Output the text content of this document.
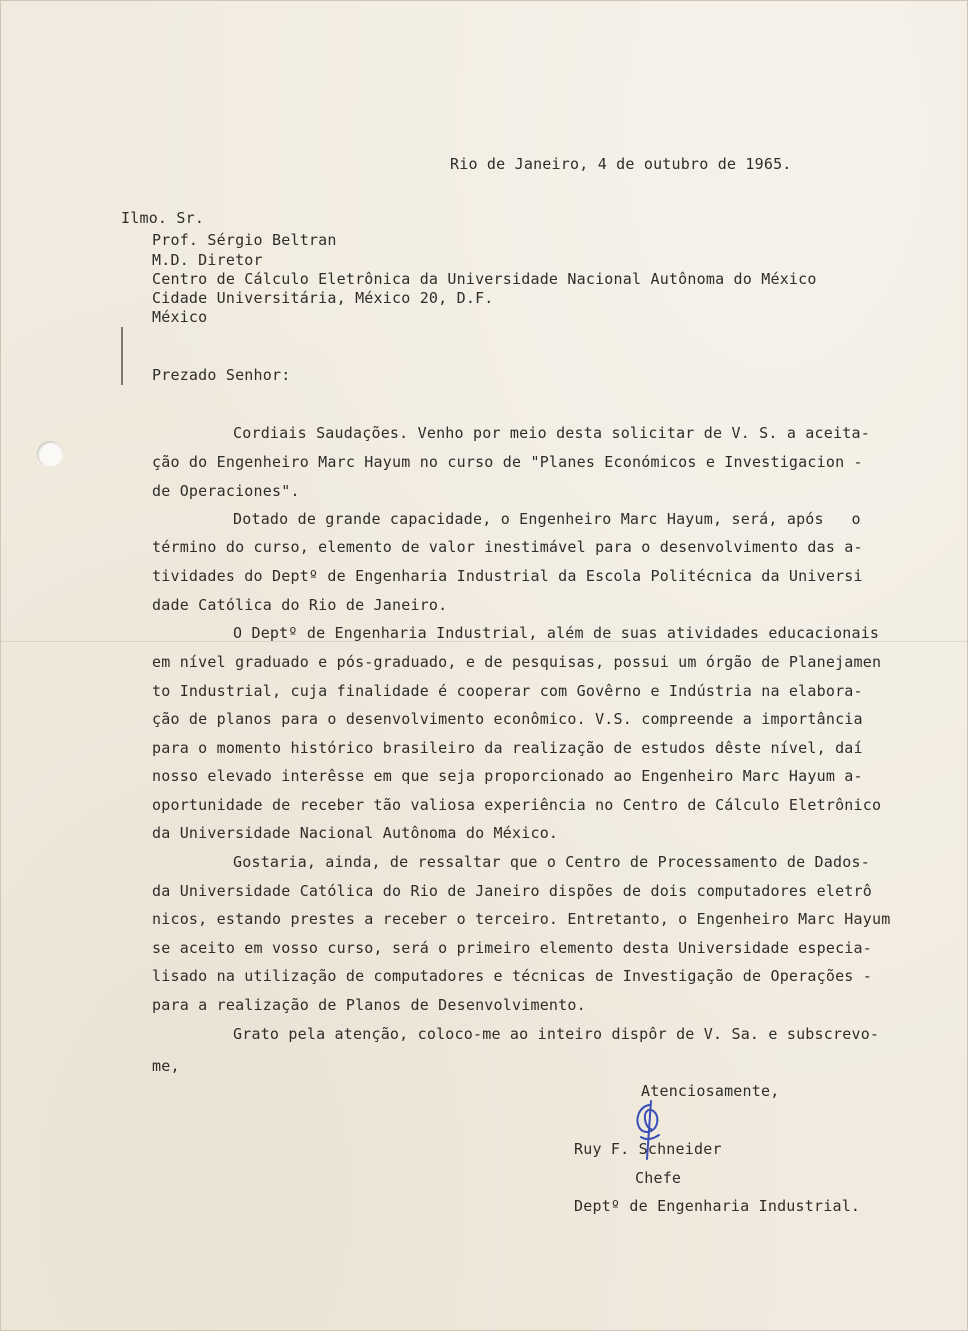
Rio de Janeiro, 4 de outubro de 1965.
Ilmo. Sr.
Prof. Sérgio Beltran
M.D. Diretor
Centro de Cálculo Eletrônica da Universidade Nacional Autônoma do México
Cidade Universitária, México 20, D.F.
México
Prezado Senhor:
Cordiais Saudações. Venho por meio desta solicitar de V. S. a aceita-
ção do Engenheiro Marc Hayum no curso de "Planes Económicos e Investigacion -
de Operaciones".
Dotado de grande capacidade, o Engenheiro Marc Hayum, será, após   o
término do curso, elemento de valor inestimável para o desenvolvimento das a-
tividades do Deptº de Engenharia Industrial da Escola Politécnica da Universi
dade Católica do Rio de Janeiro.
O Deptº de Engenharia Industrial, além de suas atividades educacionais
em nível graduado e pós-graduado, e de pesquisas, possui um órgão de Planejamen
to Industrial, cuja finalidade é cooperar com Govêrno e Indústria na elabora-
ção de planos para o desenvolvimento econômico. V.S. compreende a importância
para o momento histórico brasileiro da realização de estudos dêste nível, daí
nosso elevado interêsse em que seja proporcionado ao Engenheiro Marc Hayum a-
oportunidade de receber tão valiosa experiência no Centro de Cálculo Eletrônico
da Universidade Nacional Autônoma do México.
Gostaria, ainda, de ressaltar que o Centro de Processamento de Dados-
da Universidade Católica do Rio de Janeiro dispões de dois computadores eletrô
nicos, estando prestes a receber o terceiro. Entretanto, o Engenheiro Marc Hayum
se aceito em vosso curso, será o primeiro elemento desta Universidade especia-
lisado na utilização de computadores e técnicas de Investigação de Operações -
para a realização de Planos de Desenvolvimento.
Grato pela atenção, coloco-me ao inteiro dispôr de V. Sa. e subscrevo-
me,
Atenciosamente,
Ruy F. Schneider
Chefe
Deptº de Engenharia Industrial.
